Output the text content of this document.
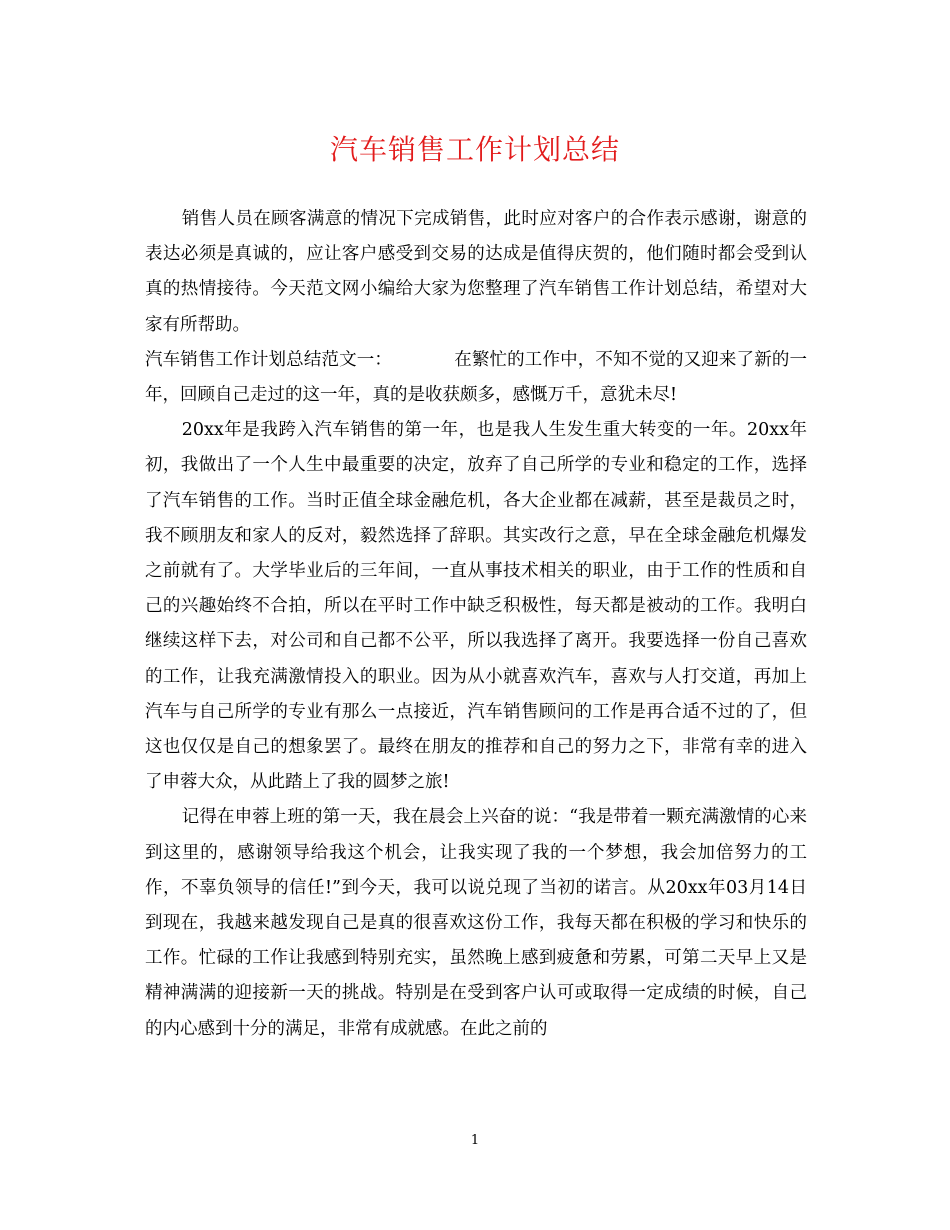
汽车销售工作计划总结

销售人员在顾客满意的情况下完成销售，此时应对客户的合作表示感谢，谢意的表达必须是真诚的，应让客户感受到交易的达成是值得庆贺的，他们随时都会受到认真的热情接待。今天范文网小编给大家为您整理了汽车销售工作计划总结，希望对大家有所帮助。

汽车销售工作计划总结范文一：	在繁忙的工作中，不知不觉的又迎来了新的一年，回顾自己走过的这一年，真的是收获颇多，感慨万千，意犹未尽!

20xx年是我跨入汽车销售的第一年，也是我人生发生重大转变的一年。20xx年初，我做出了一个人生中最重要的决定，放弃了自己所学的专业和稳定的工作，选择了汽车销售的工作。当时正值全球金融危机，各大企业都在减薪，甚至是裁员之时，我不顾朋友和家人的反对，毅然选择了辞职。其实改行之意，早在全球金融危机爆发之前就有了。大学毕业后的三年间，一直从事技术相关的职业，由于工作的性质和自己的兴趣始终不合拍，所以在平时工作中缺乏积极性，每天都是被动的工作。我明白继续这样下去，对公司和自己都不公平，所以我选择了离开。我要选择一份自己喜欢的工作，让我充满激情投入的职业。因为从小就喜欢汽车，喜欢与人打交道，再加上汽车与自己所学的专业有那么一点接近，汽车销售顾问的工作是再合适不过的了，但这也仅仅是自己的想象罢了。最终在朋友的推荐和自己的努力之下，非常有幸的进入了申蓉大众，从此踏上了我的圆梦之旅!

记得在申蓉上班的第一天，我在晨会上兴奋的说：“我是带着一颗充满激情的心来到这里的，感谢领导给我这个机会，让我实现了我的一个梦想，我会加倍努力的工作，不辜负领导的信任!”到今天，我可以说兑现了当初的诺言。从20xx年03月14日到现在，我越来越发现自己是真的很喜欢这份工作，我每天都在积极的学习和快乐的工作。忙碌的工作让我感到特别充实，虽然晚上感到疲惫和劳累，可第二天早上又是精神满满的迎接新一天的挑战。特别是在受到客户认可或取得一定成绩的时候，自己的内心感到十分的满足，非常有成就感。在此之前的

1
